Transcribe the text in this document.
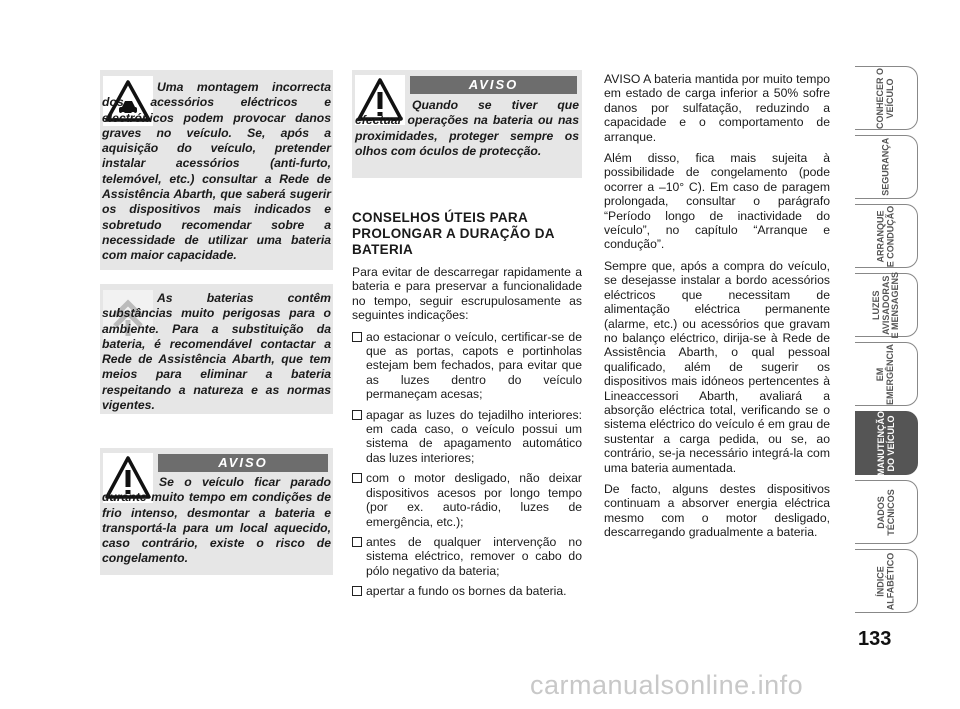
Uma montagem incorrecta dos acessórios eléctricos e electrónicos podem provocar danos graves no veículo. Se, após a aquisição do veículo, pretender instalar acessórios (anti-furto, telemóvel, etc.) consultar a Rede de Assistência Abarth, que saberá sugerir os dispositivos mais indicados e sobretudo recomendar sobre a necessidade de utilizar uma bateria com maior capacidade.
As baterias contêm substâncias muito perigosas para o ambiente. Para a substituição da bateria, é recomendável contactar a Rede de Assistência Abarth, que tem meios para eliminar a bateria respeitando a natureza e as normas vigentes.
AVISO
Se o veículo ficar parado durante muito tempo em condições de frio intenso, desmontar a bateria e transportá-la para um local aquecido, caso contrário, existe o risco de congelamento.
AVISO
Quando se tiver que efectuar operações na bateria ou nas proximidades, proteger sempre os olhos com óculos de protecção.
CONSELHOS ÚTEIS PARA PROLONGAR A DURAÇÃO DA BATERIA

Para evitar de descarregar rapidamente a bateria e para preservar a funcionalidade no tempo, seguir escrupulosamente as seguintes indicações:

ao estacionar o veículo, certificar-se de que as portas, capots e portinholas estejam bem fechados, para evitar que as luzes dentro do veículo permaneçam acesas;
apagar as luzes do tejadilho interiores: em cada caso, o veículo possui um sistema de apagamento automático das luzes interiores;
com o motor desligado, não deixar dispositivos acesos por longo tempo (por ex. auto-rádio, luzes de emergência, etc.);
antes de qualquer intervenção no sistema eléctrico, remover o cabo do pólo negativo da bateria;
apertar a fundo os bornes da bateria.

AVISO A bateria mantida por muito tempo em estado de carga inferior a 50% sofre danos por sulfatação, reduzindo a capacidade e o comportamento de arranque.

Além disso, fica mais sujeita à possibilidade de congelamento (pode ocorrer a –10° C). Em caso de paragem prolongada, consultar o parágrafo “Período longo de inactividade do veículo”, no capítulo “Arranque e condução”.

Sempre que, após a compra do veículo, se desejasse instalar a bordo acessórios eléctricos que necessitam de alimentação eléctrica permanente (alarme, etc.) ou acessórios que gravam no balanço eléctrico, dirija-se à Rede de Assistência Abarth, o qual pessoal qualificado, além de sugerir os dispositivos mais idóneos pertencentes à Lineaccessori Abarth, avaliará a absorção eléctrica total, verificando se o sistema eléctrico do veículo é em grau de sustentar a carga pedida, ou se, ao contrário, se-ja necessário integrá-la com uma bateria aumentada.

De facto, alguns destes dispositivos continuam a absorver energia eléctrica mesmo com o motor desligado, descarregando gradualmente a bateria.

CONHECER O
VEÍCULO
SEGURANÇA
ARRANQUE
E CONDUÇÃO
LUZES
AVISADORAS
E MENSAGENS
EM
EMERGÊNCIA
MANUTENÇÃO
DO VEÍCULO
DADOS
TÉCNICOS
ÍNDICE
ALFABÉTICO
133
carmanualsonline.info
